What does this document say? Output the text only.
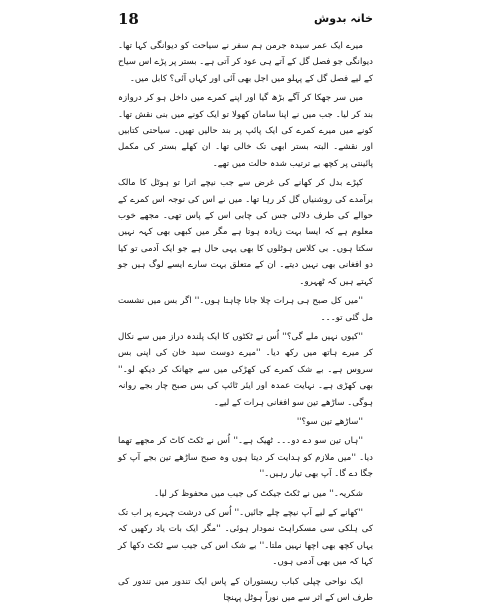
18	خانہ بدوش

میرے ایک عمر سیدہ جرمن ہم سفر نے سیاحت کو دیوانگی کہا تھا۔ دیوانگی جو فصل گل کے آتے ہی عود کر آتی ہے۔ بستر پر پڑے اس سیاح کے لیے فصل گل کے پہلو میں اجل بھی آئی اور کہاں آئی؟ کابل میں۔

میں سر جھکا کر آگے بڑھ گیا اور اپنے کمرے میں داخل ہو کر دروازہ بند کر لیا۔ جب میں نے اپنا سامان کھولا تو ایک کونے میں بنی نقش تھا۔ کونے میں میرے کمرے کی ایک پائپ پر بند حالیں تھیں۔ سیاحتی کتابیں اور نقشے۔ البتہ بستر ابھی تک خالی تھا۔ ان کھلے بستر کی مکمل پائینتی پر کچھ بے ترتیب شدہ حالت میں تھے۔

کپڑے بدل کر کھانے کی غرض سے جب نیچے اترا تو ہوٹل کا مالک برآمدے کی روشنیاں گل کر رہا تھا۔ میں نے اس کی توجہ اس کمرے کے حوالے کی طرف دلائی جس کی چابی اس کے پاس تھی۔ مجھے خوب معلوم ہے کہ ایسا بہت زیادہ ہوتا ہے مگر میں کبھی بھی کہہ نہیں سکتا ہوں۔ بی کلاس ہوٹلوں کا بھی یہی حال ہے جو ایک آدمی تو کیا دو افغانی بھی نہیں دیتے۔ ان کے متعلق بہت سارے ایسے لوگ ہیں جو کہتے ہیں کہ ٹھہرو۔

''میں کل صبح ہی ہرات چلا جانا چاہتا ہوں۔'' اگر بس میں نشست مل گئی تو۔۔۔

''کیوں نہیں ملے گی؟'' اُس نے ٹکٹوں کا ایک پلندہ دراز میں سے نکال کر میرے ہاتھ میں رکھ دیا۔ ''میرے دوست سید خان کی اپنی بس سروس ہے۔ بے شک کمرے کی کھڑکی میں سے جھانک کر دیکھ لو۔'' بھی کھڑی ہے۔ نہایت عمدہ اور ایئر ٹائپ کی بس صبح چار بجے روانہ ہوگی۔ ساڑھے تین سو افغانی ہرات کے لیے۔

''ساڑھے تین سو؟''

''ہاں تین سو دے دو۔۔۔ ٹھیک ہے۔'' اُس نے ٹکٹ کاٹ کر مجھے تھما دیا۔ ''میں ملازم کو ہدایت کر دیتا ہوں وہ صبح ساڑھے تین بجے آپ کو جگا دے گا۔ آپ بھی تیار رہیں۔''

شکریہ۔'' میں نے ٹکٹ جیکٹ کی جیب میں محفوظ کر لیا۔

''کھانے کے لیے آپ نیچے چلے جائیں۔'' اُس کی درشت چہرے پر اب تک کی ہلکی سی مسکراہٹ نمودار ہوئی۔ ''مگر ایک بات یاد رکھیں کہ یہاں کچھ بھی اچھا نہیں ملتا۔'' بے شک اس کی جیب سے ٹکٹ دکھا کر کہا کہ میں بھی آدمی ہوں۔

ایک نواحی چپلی کباب ریستوران کے پاس ایک تندور میں تندور کی طرف اس کے اثر سے میں نوراً ہوٹل پہنچا
